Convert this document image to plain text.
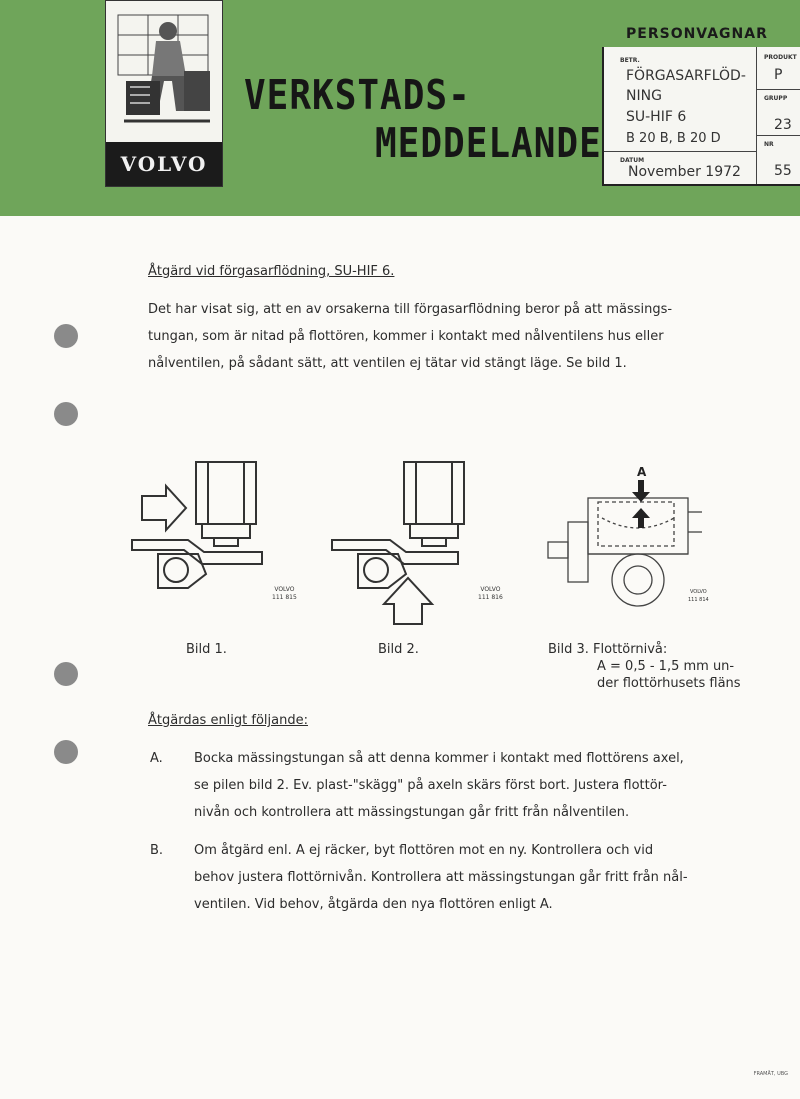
VOLVO
VERKSTADS-
MEDDELANDE
PERSONVAGNAR
BETR.
FÖRGASARFLÖD-
NING
SU-HIF 6
B 20 B, B 20 D
PRODUKT
P
GRUPP
23
NR
55
DATUM
November 1972
Åtgärd vid förgasarflödning, SU-HIF 6.
Det har visat sig, att en av orsakerna till förgasarflödning beror på att mässings-
tungan, som är nitad på flottören, kommer i kontakt med nålventilens hus eller
nålventilen, på sådant sätt, att ventilen ej tätar vid stängt läge. Se bild 1.
VOLVO
111 815
VOLVO
111 816
A
VOLVO
111 814
Bild 1.	Bild 2.	Bild 3. Flottörnivå:
A = 0,5 - 1,5 mm un-
der flottörhusets fläns
Åtgärdas enligt följande:
A. Bocka mässingstungan så att denna kommer i kontakt med flottörens axel,
se pilen bild 2. Ev. plast-"skägg" på axeln skärs först bort. Justera flottör-
nivån och kontrollera att mässingstungan går fritt från nålventilen.
B. Om åtgärd enl. A ej räcker, byt flottören mot en ny. Kontrollera och vid
behov justera flottörnivån. Kontrollera att mässingstungan går fritt från nål-
ventilen. Vid behov, åtgärda den nya flottören enligt A.
FRAMÅT, UBG
